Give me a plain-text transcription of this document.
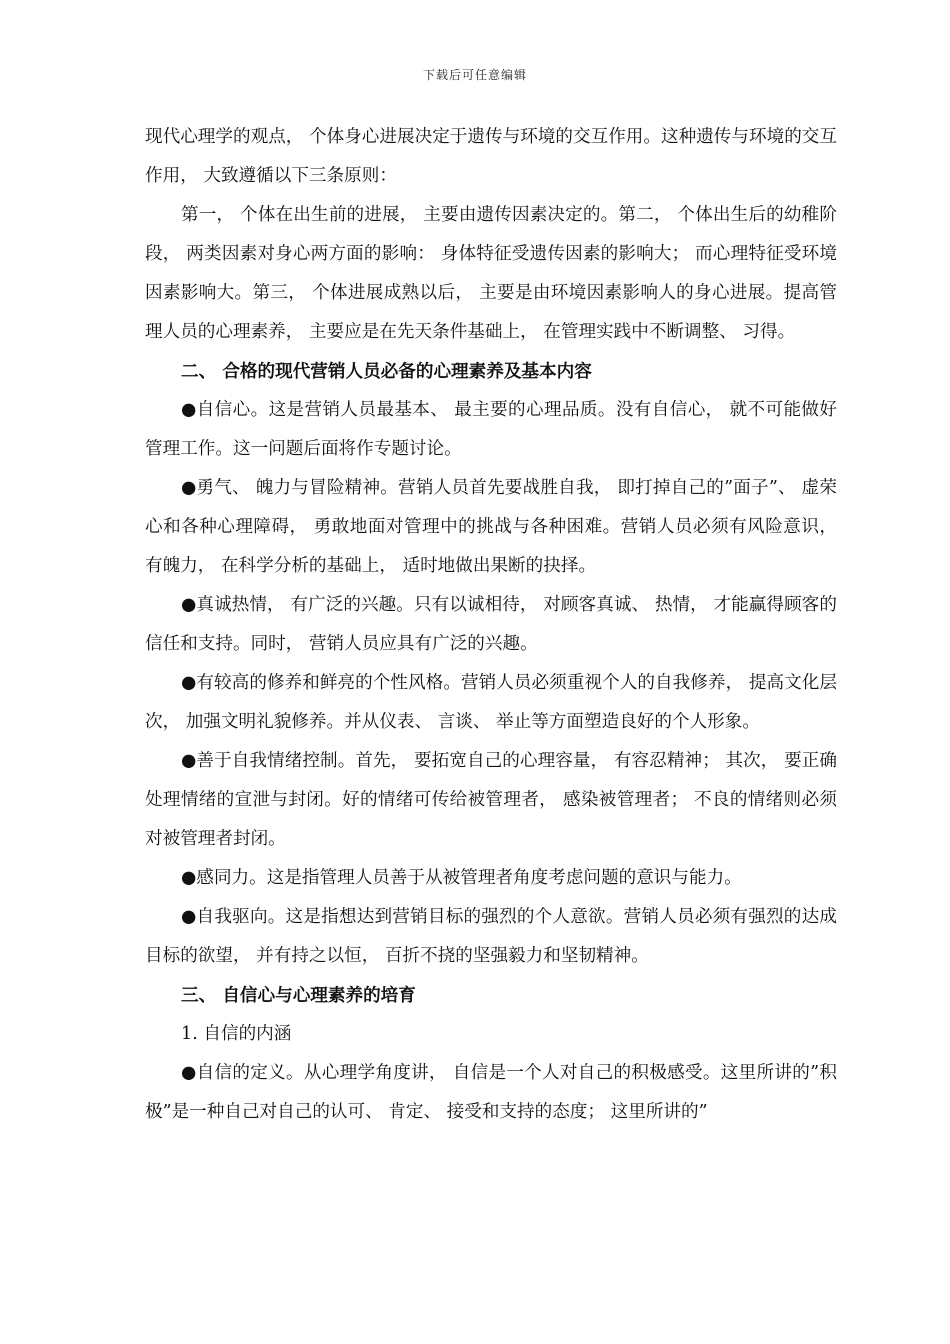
下载后可任意编辑

现代心理学的观点， 个体身心进展决定于遗传与环境的交互作用。这种遗传与环境的交互作用， 大致遵循以下三条原则：

第一， 个体在出生前的进展， 主要由遗传因素决定的。第二， 个体出生后的幼稚阶段， 两类因素对身心两方面的影响： 身体特征受遗传因素的影响大； 而心理特征受环境因素影响大。第三， 个体进展成熟以后， 主要是由环境因素影响人的身心进展。提高管理人员的心理素养， 主要应是在先天条件基础上， 在管理实践中不断调整、 习得。

二、 合格的现代营销人员必备的心理素养及基本内容

●自信心。这是营销人员最基本、 最主要的心理品质。没有自信心， 就不可能做好管理工作。这一问题后面将作专题讨论。

●勇气、 魄力与冒险精神。营销人员首先要战胜自我， 即打掉自己的”面子”、 虚荣心和各种心理障碍， 勇敢地面对管理中的挑战与各种困难。营销人员必须有风险意识， 有魄力， 在科学分析的基础上， 适时地做出果断的抉择。

●真诚热情， 有广泛的兴趣。只有以诚相待， 对顾客真诚、 热情， 才能赢得顾客的信任和支持。同时， 营销人员应具有广泛的兴趣。

●有较高的修养和鲜亮的个性风格。营销人员必须重视个人的自我修养， 提高文化层次， 加强文明礼貌修养。并从仪表、 言谈、 举止等方面塑造良好的个人形象。

●善于自我情绪控制。首先， 要拓宽自己的心理容量， 有容忍精神； 其次， 要正确处理情绪的宣泄与封闭。好的情绪可传给被管理者， 感染被管理者； 不良的情绪则必须对被管理者封闭。

●感同力。这是指管理人员善于从被管理者角度考虑问题的意识与能力。

●自我驱向。这是指想达到营销目标的强烈的个人意欲。营销人员必须有强烈的达成目标的欲望， 并有持之以恒， 百折不挠的坚强毅力和坚韧精神。

三、 自信心与心理素养的培育

1. 自信的内涵

●自信的定义。从心理学角度讲， 自信是一个人对自己的积极感受。这里所讲的”积极”是一种自己对自己的认可、 肯定、 接受和支持的态度； 这里所讲的”
